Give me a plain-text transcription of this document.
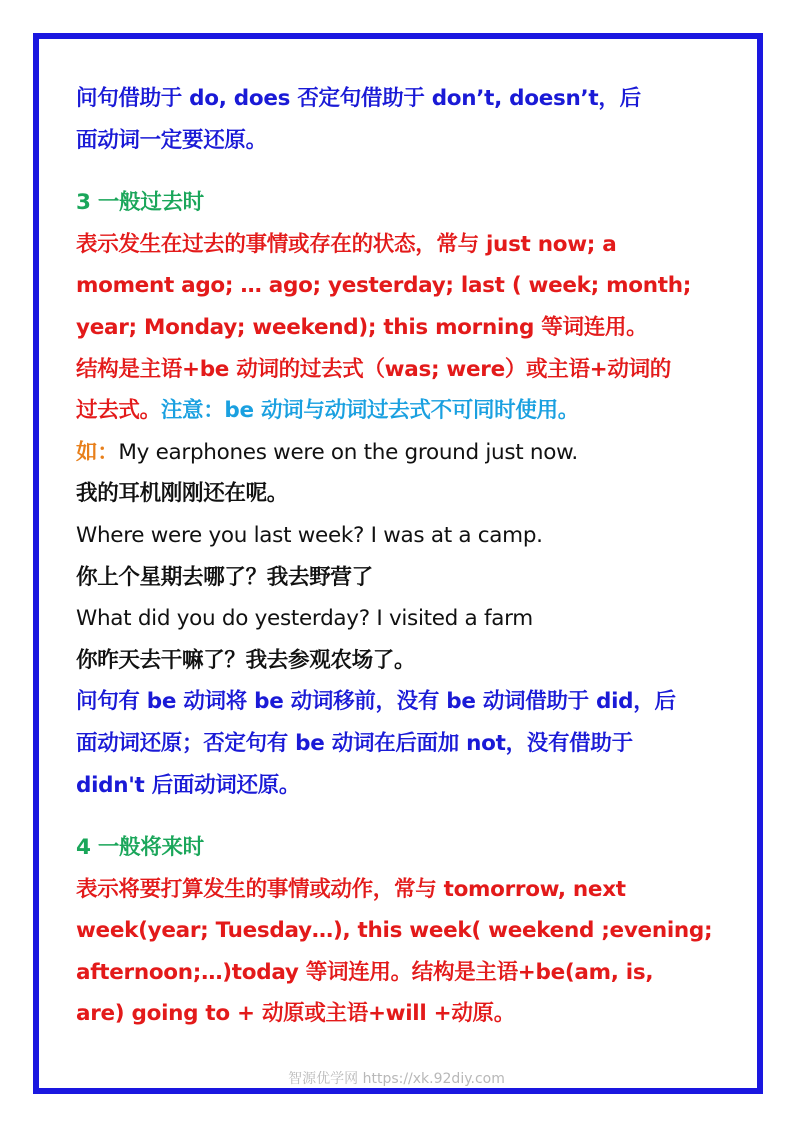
问句借助于 do, does 否定句借助于 don’t, doesn’t，后
面动词一定要还原。
3 一般过去时
表示发生在过去的事情或存在的状态，常与 just now; a
moment ago; … ago; yesterday; last ( week; month;
year; Monday; weekend); this morning 等词连用。
结构是主语+be 动词的过去式（was; were）或主语+动词的
过去式。注意：be 动词与动词过去式不可同时使用。
如：My earphones were on the ground just now.
我的耳机刚刚还在呢。
Where were you last week? I was at a camp.
你上个星期去哪了？我去野营了
What did you do yesterday? I visited a farm
你昨天去干嘛了？我去参观农场了。
问句有 be 动词将 be 动词移前，没有 be 动词借助于 did，后
面动词还原；否定句有 be 动词在后面加 not，没有借助于
didn't 后面动词还原。
4 一般将来时
表示将要打算发生的事情或动作，常与 tomorrow, next
week(year; Tuesday…), this week( weekend ;evening;
afternoon;…)today 等词连用。结构是主语+be(am, is,
are) going to + 动原或主语+will +动原。
智源优学网 https://xk.92diy.com
